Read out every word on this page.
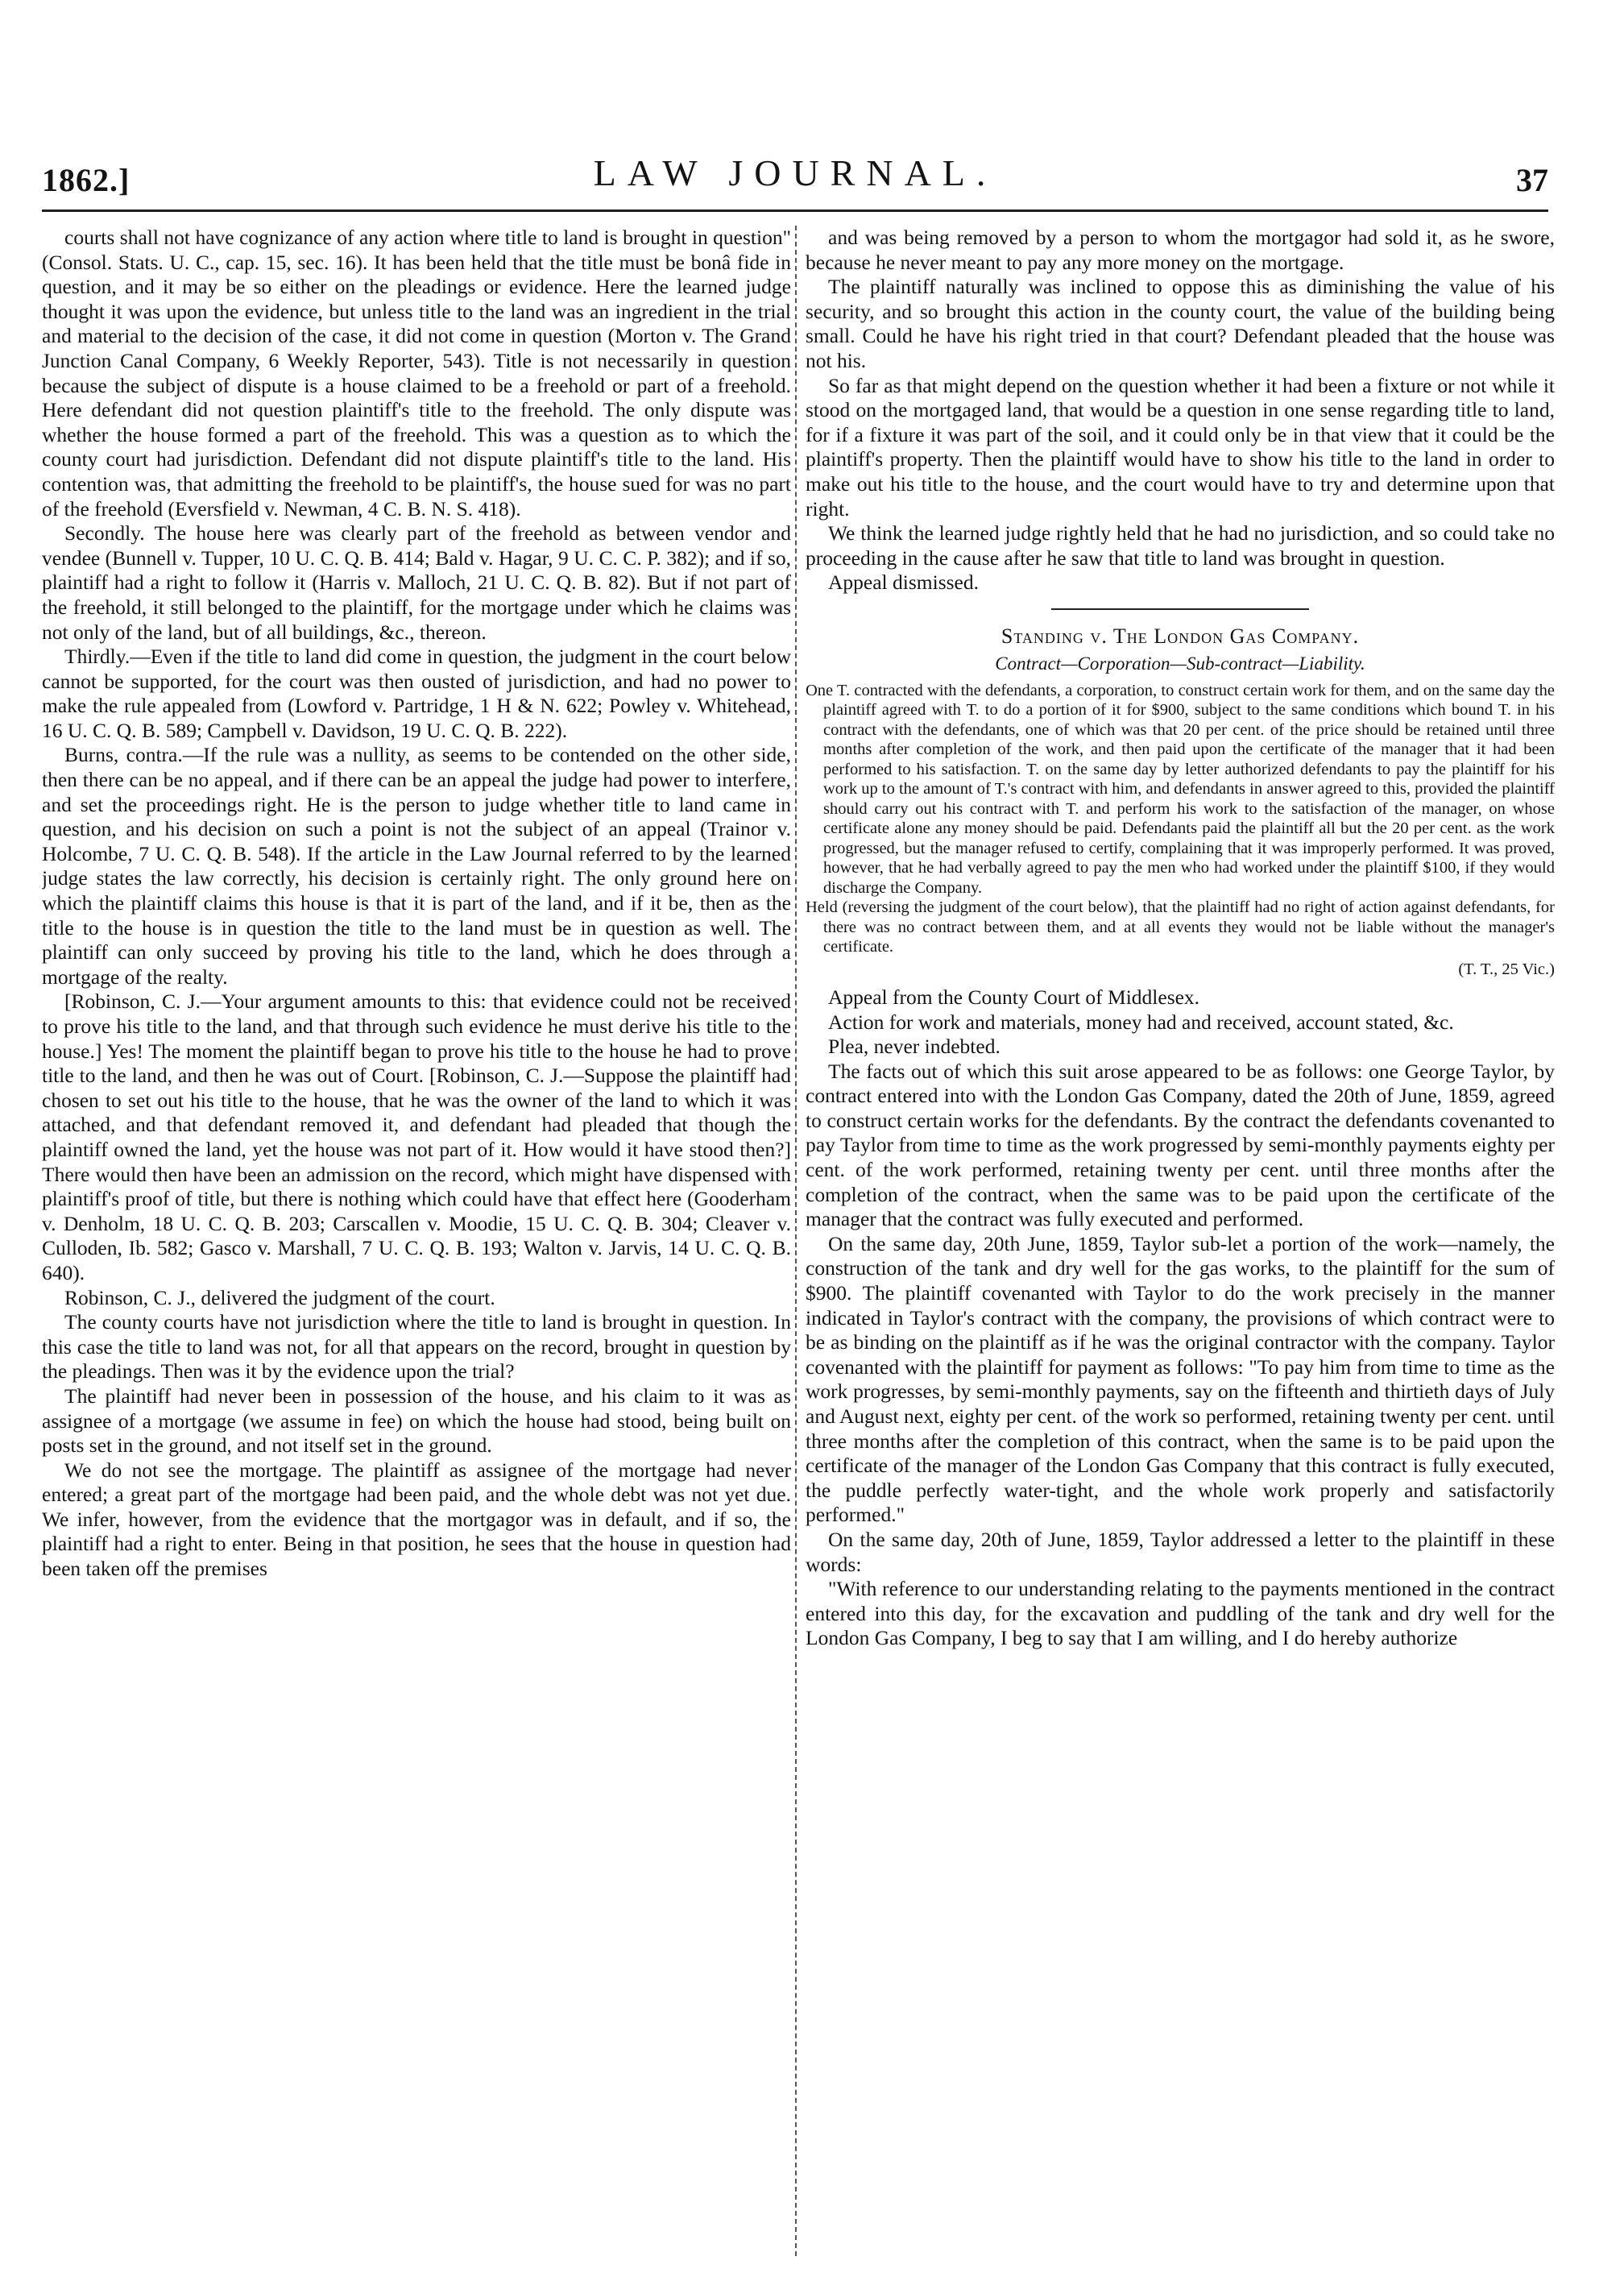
1862.]	LAW JOURNAL.	37

courts shall not have cognizance of any action where title to land is brought in question" (Consol. Stats. U. C., cap. 15, sec. 16). It has been held that the title must be bonâ fide in question, and it may be so either on the pleadings or evidence. Here the learned judge thought it was upon the evidence, but unless title to the land was an ingredient in the trial and material to the decision of the case, it did not come in question (Morton v. The Grand Junction Canal Company, 6 Weekly Reporter, 543). Title is not necessarily in question because the subject of dispute is a house claimed to be a freehold or part of a freehold. Here defendant did not question plaintiff's title to the freehold. The only dispute was whether the house formed a part of the freehold. This was a question as to which the county court had jurisdiction. Defendant did not dispute plaintiff's title to the land. His contention was, that admitting the freehold to be plaintiff's, the house sued for was no part of the freehold (Eversfield v. Newman, 4 C. B. N. S. 418).

Secondly. The house here was clearly part of the freehold as between vendor and vendee (Bunnell v. Tupper, 10 U. C. Q. B. 414; Bald v. Hagar, 9 U. C. C. P. 382); and if so, plaintiff had a right to follow it (Harris v. Malloch, 21 U. C. Q. B. 82). But if not part of the freehold, it still belonged to the plaintiff, for the mortgage under which he claims was not only of the land, but of all buildings, &c., thereon.

Thirdly.—Even if the title to land did come in question, the judgment in the court below cannot be supported, for the court was then ousted of jurisdiction, and had no power to make the rule appealed from (Lowford v. Partridge, 1 H & N. 622; Powley v. Whitehead, 16 U. C. Q. B. 589; Campbell v. Davidson, 19 U. C. Q. B. 222).

Burns, contra.—If the rule was a nullity, as seems to be contended on the other side, then there can be no appeal, and if there can be an appeal the judge had power to interfere, and set the proceedings right. He is the person to judge whether title to land came in question, and his decision on such a point is not the subject of an appeal (Trainor v. Holcombe, 7 U. C. Q. B. 548). If the article in the Law Journal referred to by the learned judge states the law correctly, his decision is certainly right. The only ground here on which the plaintiff claims this house is that it is part of the land, and if it be, then as the title to the house is in question the title to the land must be in question as well. The plaintiff can only succeed by proving his title to the land, which he does through a mortgage of the realty.

[Robinson, C. J.—Your argument amounts to this: that evidence could not be received to prove his title to the land, and that through such evidence he must derive his title to the house.] Yes! The moment the plaintiff began to prove his title to the house he had to prove title to the land, and then he was out of Court. [Robinson, C. J.—Suppose the plaintiff had chosen to set out his title to the house, that he was the owner of the land to which it was attached, and that defendant removed it, and defendant had pleaded that though the plaintiff owned the land, yet the house was not part of it. How would it have stood then?] There would then have been an admission on the record, which might have dispensed with plaintiff's proof of title, but there is nothing which could have that effect here (Gooderham v. Denholm, 18 U. C. Q. B. 203; Carscallen v. Moodie, 15 U. C. Q. B. 304; Cleaver v. Culloden, Ib. 582; Gasco v. Marshall, 7 U. C. Q. B. 193; Walton v. Jarvis, 14 U. C. Q. B. 640).

Robinson, C. J., delivered the judgment of the court.

The county courts have not jurisdiction where the title to land is brought in question. In this case the title to land was not, for all that appears on the record, brought in question by the pleadings. Then was it by the evidence upon the trial?

The plaintiff had never been in possession of the house, and his claim to it was as assignee of a mortgage (we assume in fee) on which the house had stood, being built on posts set in the ground, and not itself set in the ground.

We do not see the mortgage. The plaintiff as assignee of the mortgage had never entered; a great part of the mortgage had been paid, and the whole debt was not yet due. We infer, however, from the evidence that the mortgagor was in default, and if so, the plaintiff had a right to enter. Being in that position, he sees that the house in question had been taken off the premises

and was being removed by a person to whom the mortgagor had sold it, as he swore, because he never meant to pay any more money on the mortgage.

The plaintiff naturally was inclined to oppose this as diminishing the value of his security, and so brought this action in the county court, the value of the building being small. Could he have his right tried in that court? Defendant pleaded that the house was not his.

So far as that might depend on the question whether it had been a fixture or not while it stood on the mortgaged land, that would be a question in one sense regarding title to land, for if a fixture it was part of the soil, and it could only be in that view that it could be the plaintiff's property. Then the plaintiff would have to show his title to the land in order to make out his title to the house, and the court would have to try and determine upon that right.

We think the learned judge rightly held that he had no jurisdiction, and so could take no proceeding in the cause after he saw that title to land was brought in question.

Appeal dismissed.

Standing v. The London Gas Company.
Contract—Corporation—Sub-contract—Liability.

One T. contracted with the defendants, a corporation, to construct certain work for them, and on the same day the plaintiff agreed with T. to do a portion of it for $900, subject to the same conditions which bound T. in his contract with the defendants, one of which was that 20 per cent. of the price should be retained until three months after completion of the work, and then paid upon the certificate of the manager that it had been performed to his satisfaction. T. on the same day by letter authorized defendants to pay the plaintiff for his work up to the amount of T.'s contract with him, and defendants in answer agreed to this, provided the plaintiff should carry out his contract with T. and perform his work to the satisfaction of the manager, on whose certificate alone any money should be paid. Defendants paid the plaintiff all but the 20 per cent. as the work progressed, but the manager refused to certify, complaining that it was improperly performed. It was proved, however, that he had verbally agreed to pay the men who had worked under the plaintiff $100, if they would discharge the Company.

Held (reversing the judgment of the court below), that the plaintiff had no right of action against defendants, for there was no contract between them, and at all events they would not be liable without the manager's certificate.

(T. T., 25 Vic.)

Appeal from the County Court of Middlesex.

Action for work and materials, money had and received, account stated, &c.

Plea, never indebted.

The facts out of which this suit arose appeared to be as follows: one George Taylor, by contract entered into with the London Gas Company, dated the 20th of June, 1859, agreed to construct certain works for the defendants. By the contract the defendants covenanted to pay Taylor from time to time as the work progressed by semi-monthly payments eighty per cent. of the work performed, retaining twenty per cent. until three months after the completion of the contract, when the same was to be paid upon the certificate of the manager that the contract was fully executed and performed.

On the same day, 20th June, 1859, Taylor sub-let a portion of the work—namely, the construction of the tank and dry well for the gas works, to the plaintiff for the sum of $900. The plaintiff covenanted with Taylor to do the work precisely in the manner indicated in Taylor's contract with the company, the provisions of which contract were to be as binding on the plaintiff as if he was the original contractor with the company. Taylor covenanted with the plaintiff for payment as follows: "To pay him from time to time as the work progresses, by semi-monthly payments, say on the fifteenth and thirtieth days of July and August next, eighty per cent. of the work so performed, retaining twenty per cent. until three months after the completion of this contract, when the same is to be paid upon the certificate of the manager of the London Gas Company that this contract is fully executed, the puddle perfectly water-tight, and the whole work properly and satisfactorily performed."

On the same day, 20th of June, 1859, Taylor addressed a letter to the plaintiff in these words:

"With reference to our understanding relating to the payments mentioned in the contract entered into this day, for the excavation and puddling of the tank and dry well for the London Gas Company, I beg to say that I am willing, and I do hereby authorize
